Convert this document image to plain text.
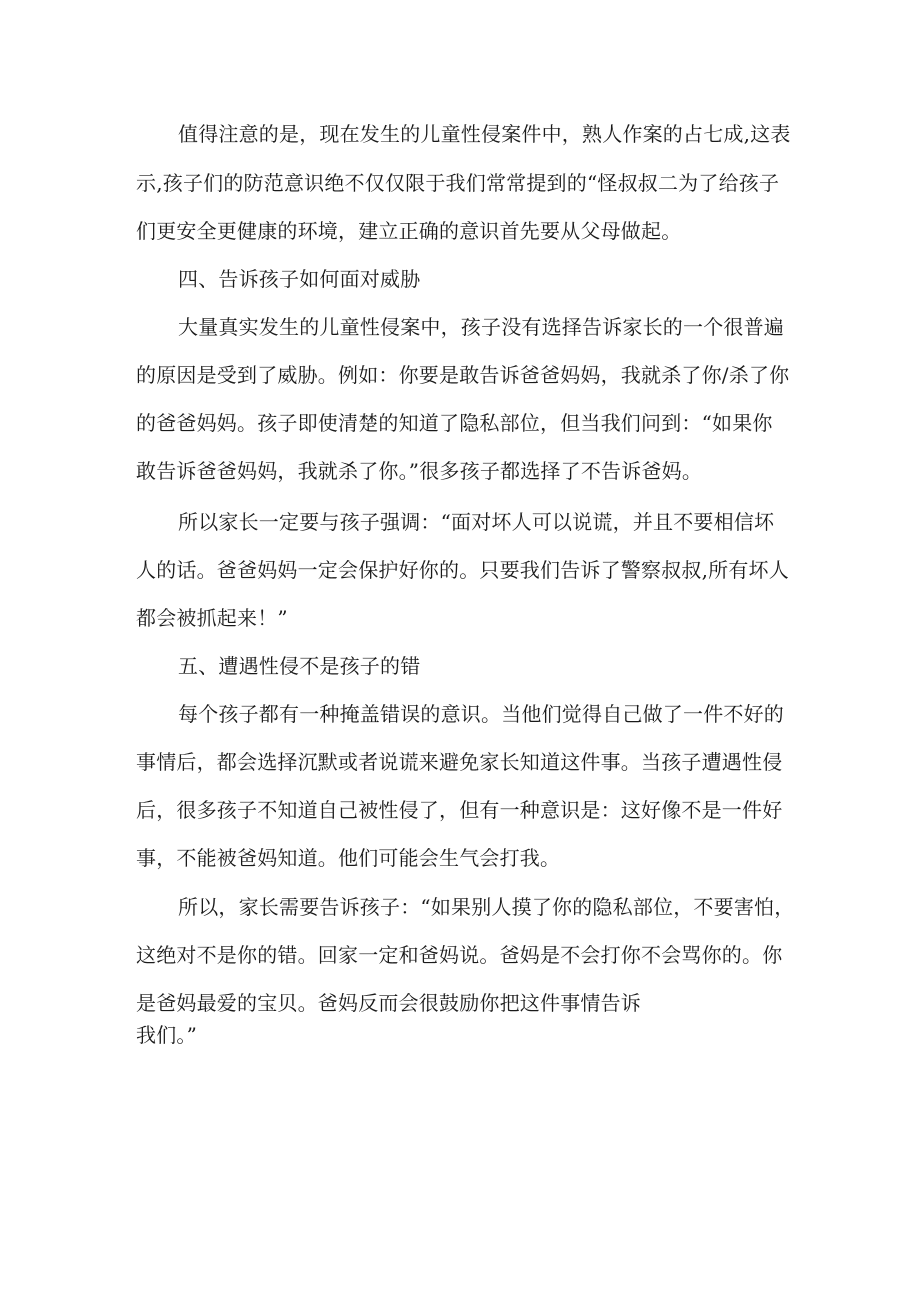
值得注意的是，现在发生的儿童性侵案件中，熟人作案的占七成,这表
示,孩子们的防范意识绝不仅仅限于我们常常提到的“怪叔叔二为了给孩子
们更安全更健康的环境，建立正确的意识首先要从父母做起。
四、告诉孩子如何面对威胁
大量真实发生的儿童性侵案中，孩子没有选择告诉家长的一个很普遍
的原因是受到了威胁。例如：你要是敢告诉爸爸妈妈，我就杀了你/杀了你
的爸爸妈妈。孩子即使清楚的知道了隐私部位，但当我们问到：“如果你
敢告诉爸爸妈妈，我就杀了你。”很多孩子都选择了不告诉爸妈。
所以家长一定要与孩子强调：“面对坏人可以说谎，并且不要相信坏
人的话。爸爸妈妈一定会保护好你的。只要我们告诉了警察叔叔,所有坏人
都会被抓起来！”
五、遭遇性侵不是孩子的错
每个孩子都有一种掩盖错误的意识。当他们觉得自己做了一件不好的
事情后，都会选择沉默或者说谎来避免家长知道这件事。当孩子遭遇性侵
后，很多孩子不知道自己被性侵了，但有一种意识是：这好像不是一件好
事，不能被爸妈知道。他们可能会生气会打我。
所以，家长需要告诉孩子：“如果别人摸了你的隐私部位，不要害怕，
这绝对不是你的错。回家一定和爸妈说。爸妈是不会打你不会骂你的。你
是爸妈最爱的宝贝。爸妈反而会很鼓励你把这件事情告诉
我们。”
